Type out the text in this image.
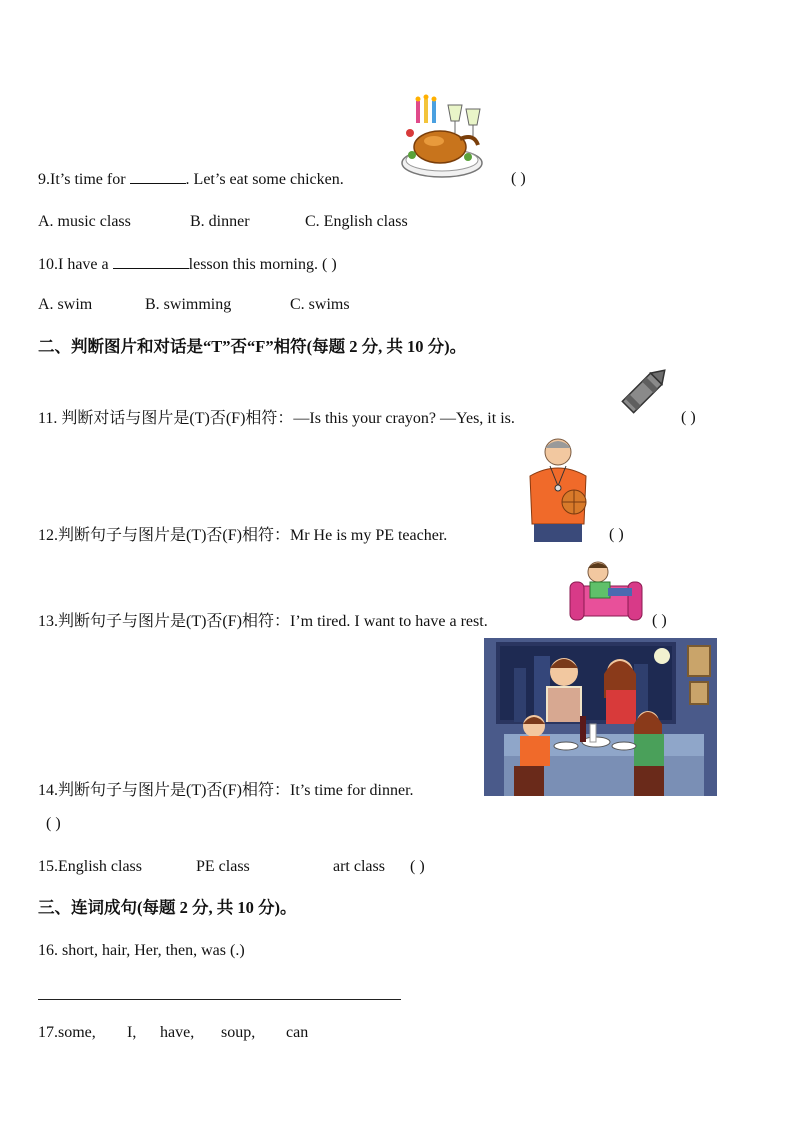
9.It’s time for	. Let’s eat some chicken.	( )
A. music class	B. dinner	C. English class
10.I have a	lesson this morning. ( )
A. swim	B. swimming	C. swims
二、判断图片和对话是“T”否“F”相符(每题 2 分, 共 10 分)。
11. 判断对话与图片是(T)否(F)相符：—Is this your crayon? —Yes, it is.	( )
12.判断句子与图片是(T)否(F)相符：Mr He is my PE teacher.	( )
13.判断句子与图片是(T)否(F)相符：I’m tired. I want to have a rest.	( )
14.判断句子与图片是(T)否(F)相符：It’s time for dinner.
( )
15.English class	PE class	art class ( )
三、连词成句(每题 2 分, 共 10 分)。
16. short, hair, Her, then, was (.)
17.some, I, have, soup, can
